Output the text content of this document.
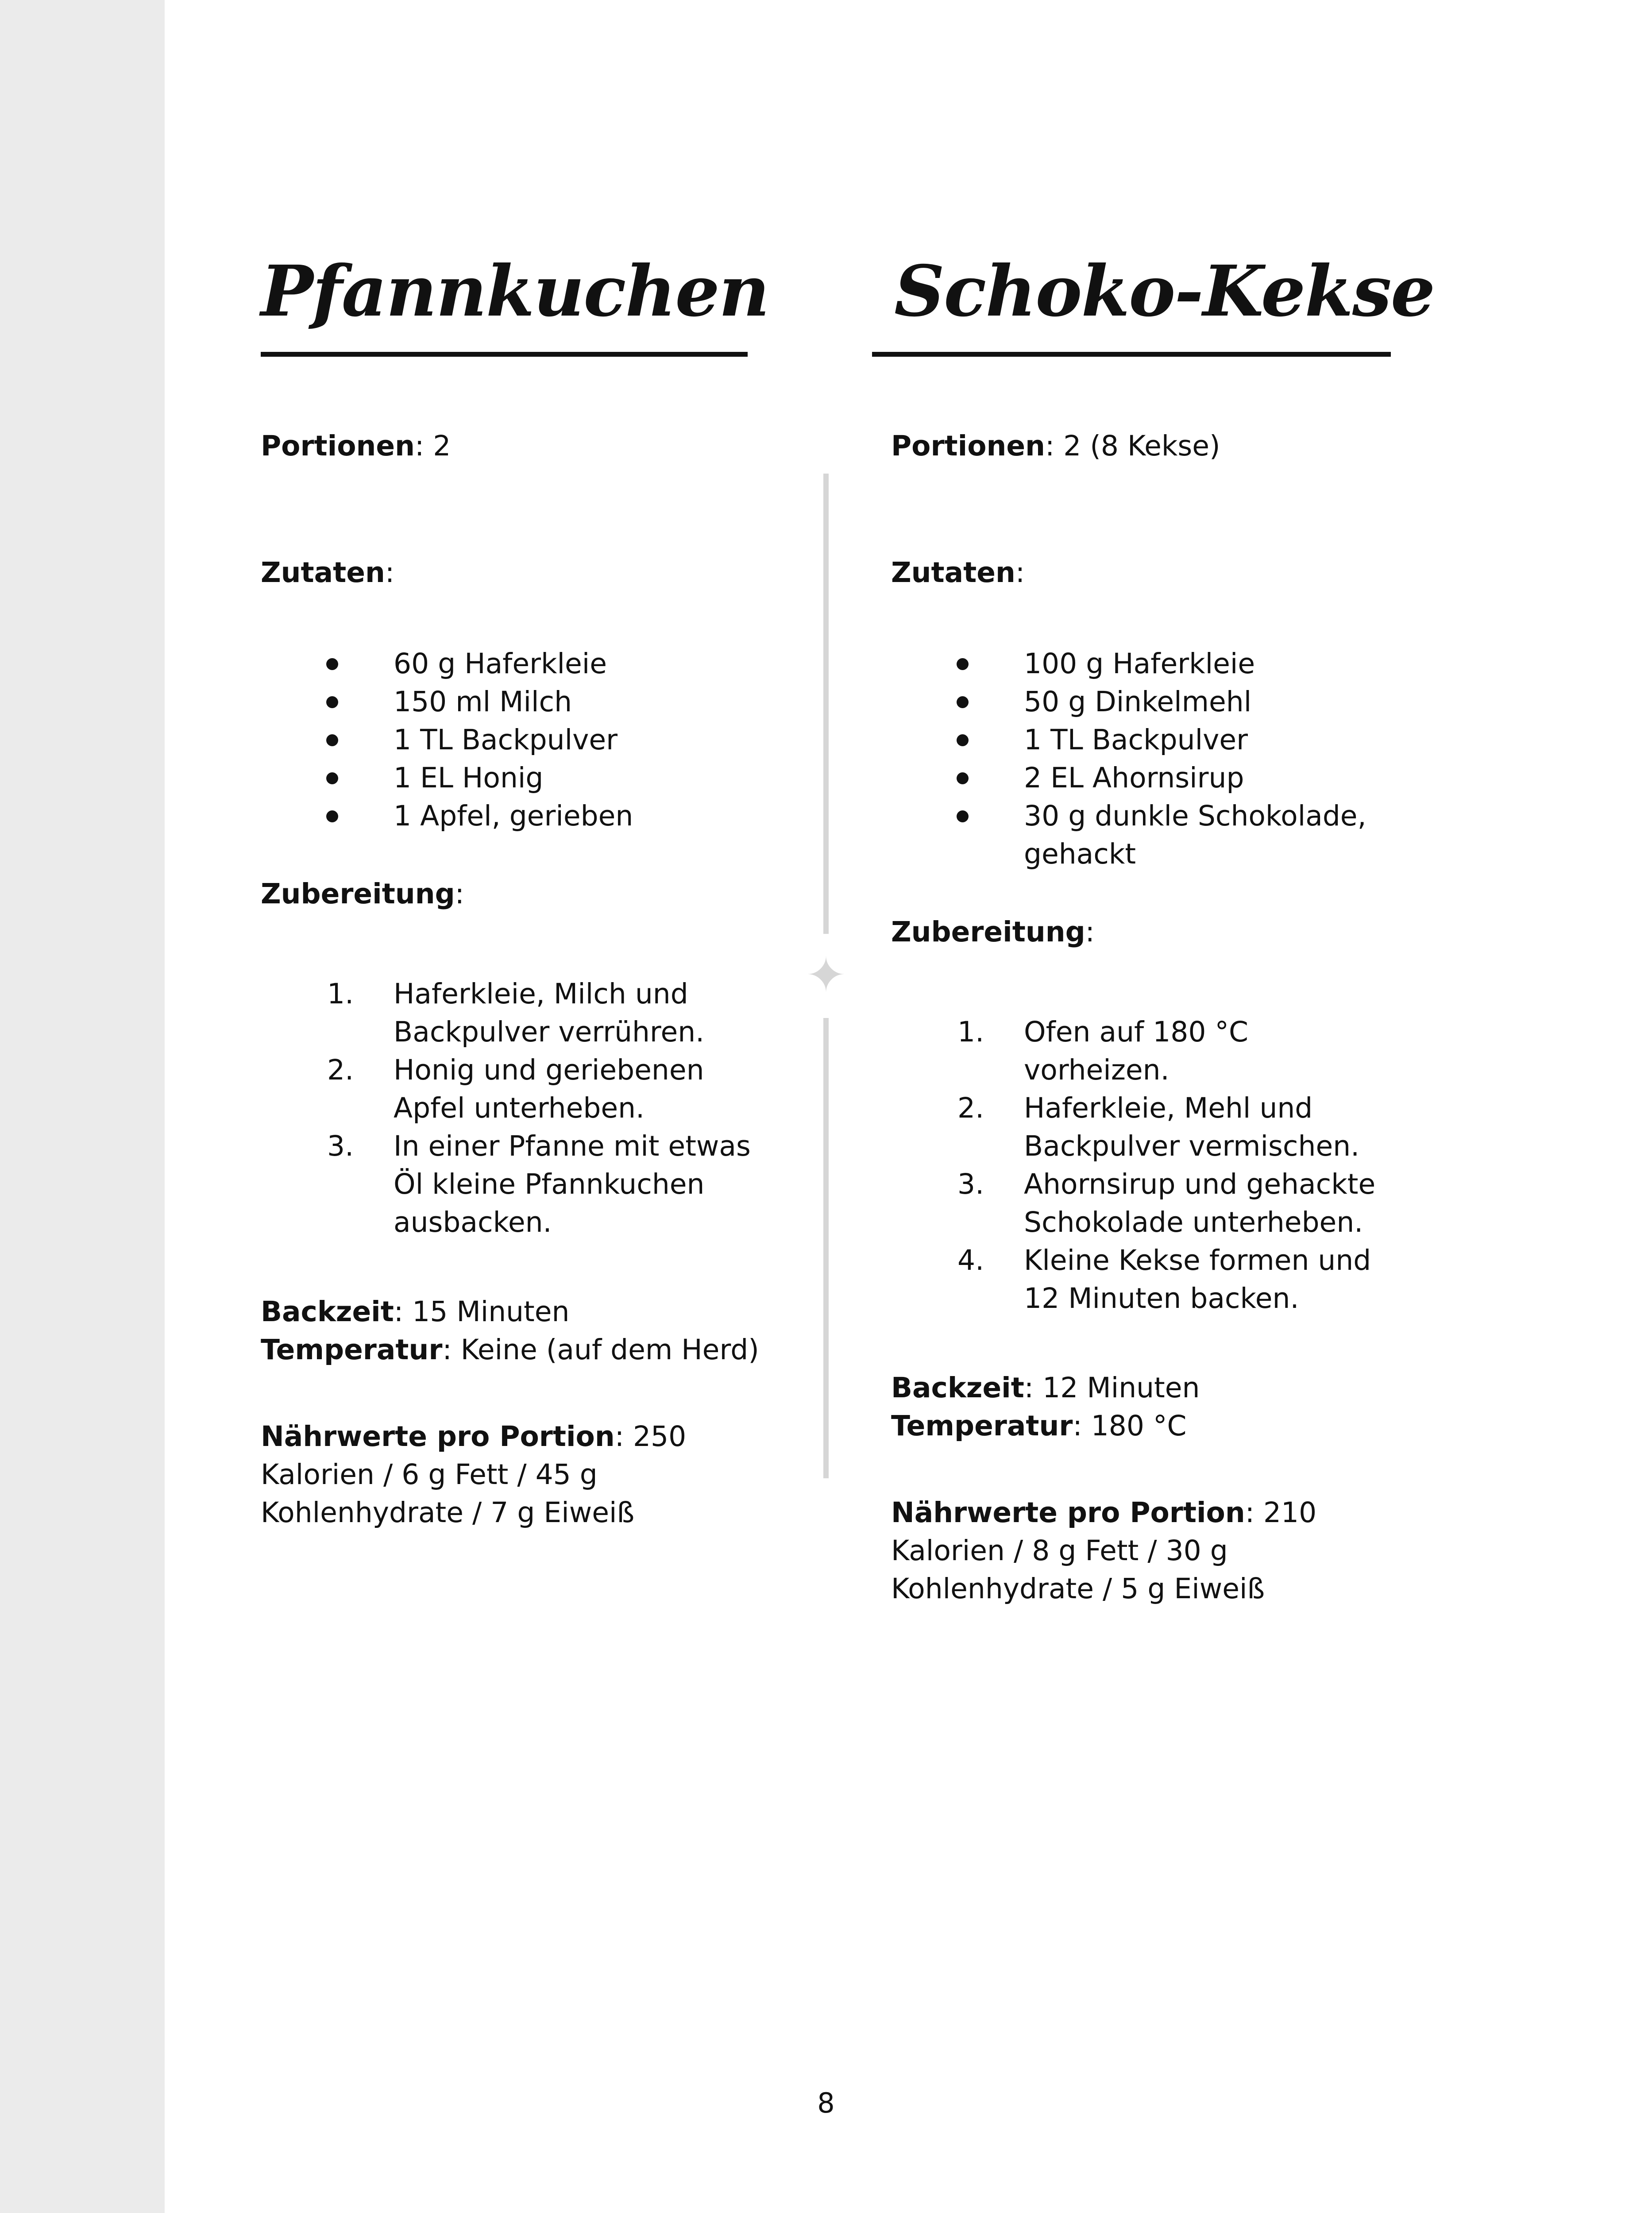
Pfannkuchen
Portionen: 2
Zutaten:
60 g Haferkleie
150 ml Milch
1 TL Backpulver
1 EL Honig
1 Apfel, gerieben
Zubereitung:
1. Haferkleie, Milch und
Backpulver verrühren.
2. Honig und geriebenen
Apfel unterheben.
3. In einer Pfanne mit etwas
Öl kleine Pfannkuchen
ausbacken.
Backzeit: 15 Minuten
Temperatur: Keine (auf dem Herd)
Nährwerte pro Portion: 250
Kalorien / 6 g Fett / 45 g
Kohlenhydrate / 7 g Eiweiß
✦
Schoko-Kekse
Portionen: 2 (8 Kekse)
Zutaten:
100 g Haferkleie
50 g Dinkelmehl
1 TL Backpulver
2 EL Ahornsirup
30 g dunkle Schokolade,
gehackt
Zubereitung:
1. Ofen auf 180 °C
vorheizen.
2. Haferkleie, Mehl und
Backpulver vermischen.
3. Ahornsirup und gehackte
Schokolade unterheben.
4. Kleine Kekse formen und
12 Minuten backen.
Backzeit: 12 Minuten
Temperatur: 180 °C
Nährwerte pro Portion: 210
Kalorien / 8 g Fett / 30 g
Kohlenhydrate / 5 g Eiweiß
8
